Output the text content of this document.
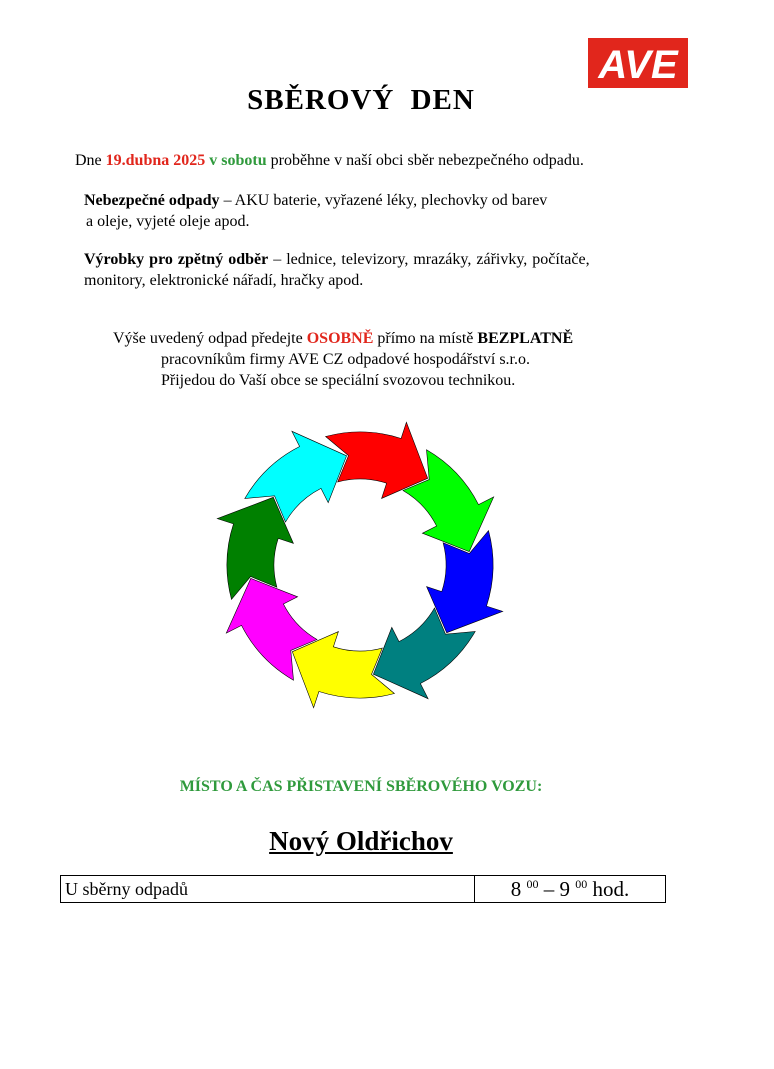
AVE
SBĚROVÝ DEN
Dne 19.dubna 2025 v sobotu proběhne v naší obci sběr nebezpečného odpadu.
Nebezpečné odpady – AKU baterie, vyřazené léky, plechovky od barev
a oleje, vyjeté oleje apod.
Výrobky pro zpětný odběr – lednice, televizory, mrazáky, zářivky, počítače,
monitory, elektronické nářadí, hračky apod.
Výše uvedený odpad předejte OSOBNĚ přímo na místě BEZPLATNĚ
pracovníkům firmy AVE CZ odpadové hospodářství s.r.o.
Přijedou do Vaší obce se speciální svozovou technikou.
MÍSTO A ČAS PŘISTAVENÍ SBĚROVÉHO VOZU:
Nový Oldřichov
U sběrny odpadů	8 $^{00}$ – 9 $^{00}$ hod.
